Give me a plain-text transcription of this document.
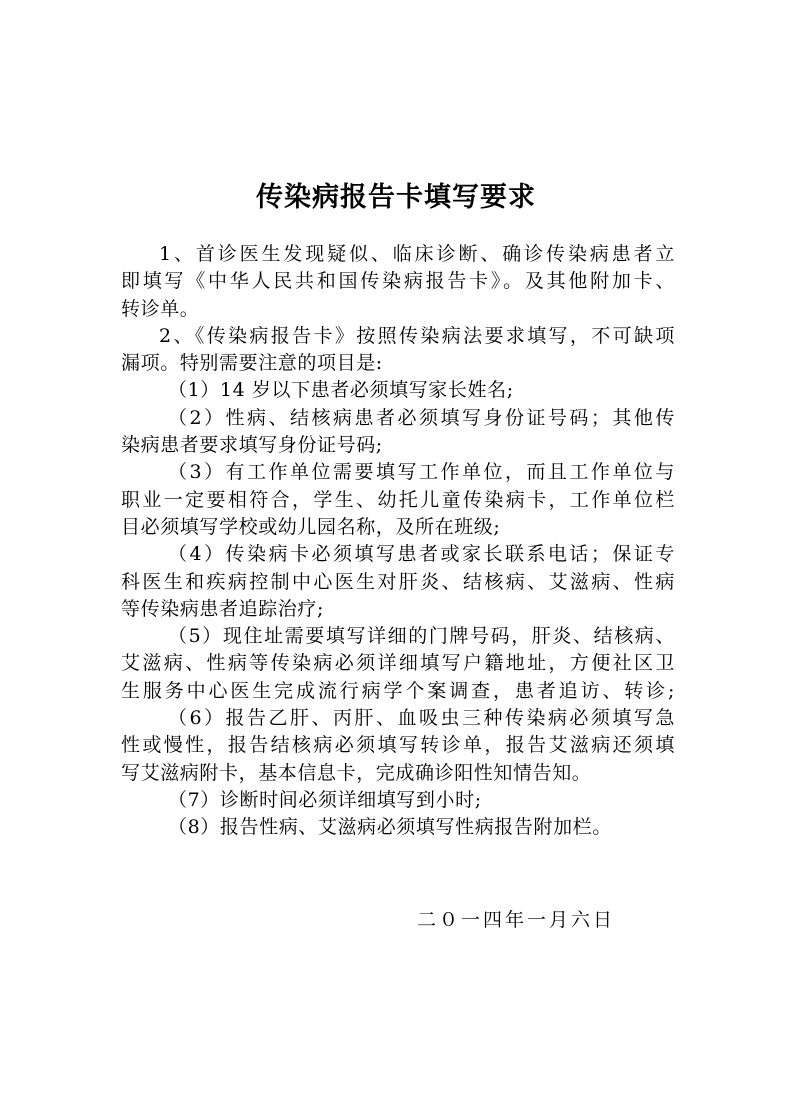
传染病报告卡填写要求
1、首诊医生发现疑似、临床诊断、确诊传染病患者立
即填写《中华人民共和国传染病报告卡》。及其他附加卡、
转诊单。
2、《传染病报告卡》按照传染病法要求填写，不可缺项
漏项。特别需要注意的项目是:
（1）14 岁以下患者必须填写家长姓名;
（2）性病、结核病患者必须填写身份证号码；其他传
染病患者要求填写身份证号码;
（3）有工作单位需要填写工作单位，而且工作单位与
职业一定要相符合，学生、幼托儿童传染病卡，工作单位栏
目必须填写学校或幼儿园名称，及所在班级;
（4）传染病卡必须填写患者或家长联系电话；保证专
科医生和疾病控制中心医生对肝炎、结核病、艾滋病、性病
等传染病患者追踪治疗;
（5）现住址需要填写详细的门牌号码，肝炎、结核病、
艾滋病、性病等传染病必须详细填写户籍地址，方便社区卫
生服务中心医生完成流行病学个案调查，患者追访、转诊;
（6）报告乙肝、丙肝、血吸虫三种传染病必须填写急
性或慢性，报告结核病必须填写转诊单，报告艾滋病还须填
写艾滋病附卡，基本信息卡，完成确诊阳性知情告知。
（7）诊断时间必须详细填写到小时;
（8）报告性病、艾滋病必须填写性病报告附加栏。
二０一四年一月六日
